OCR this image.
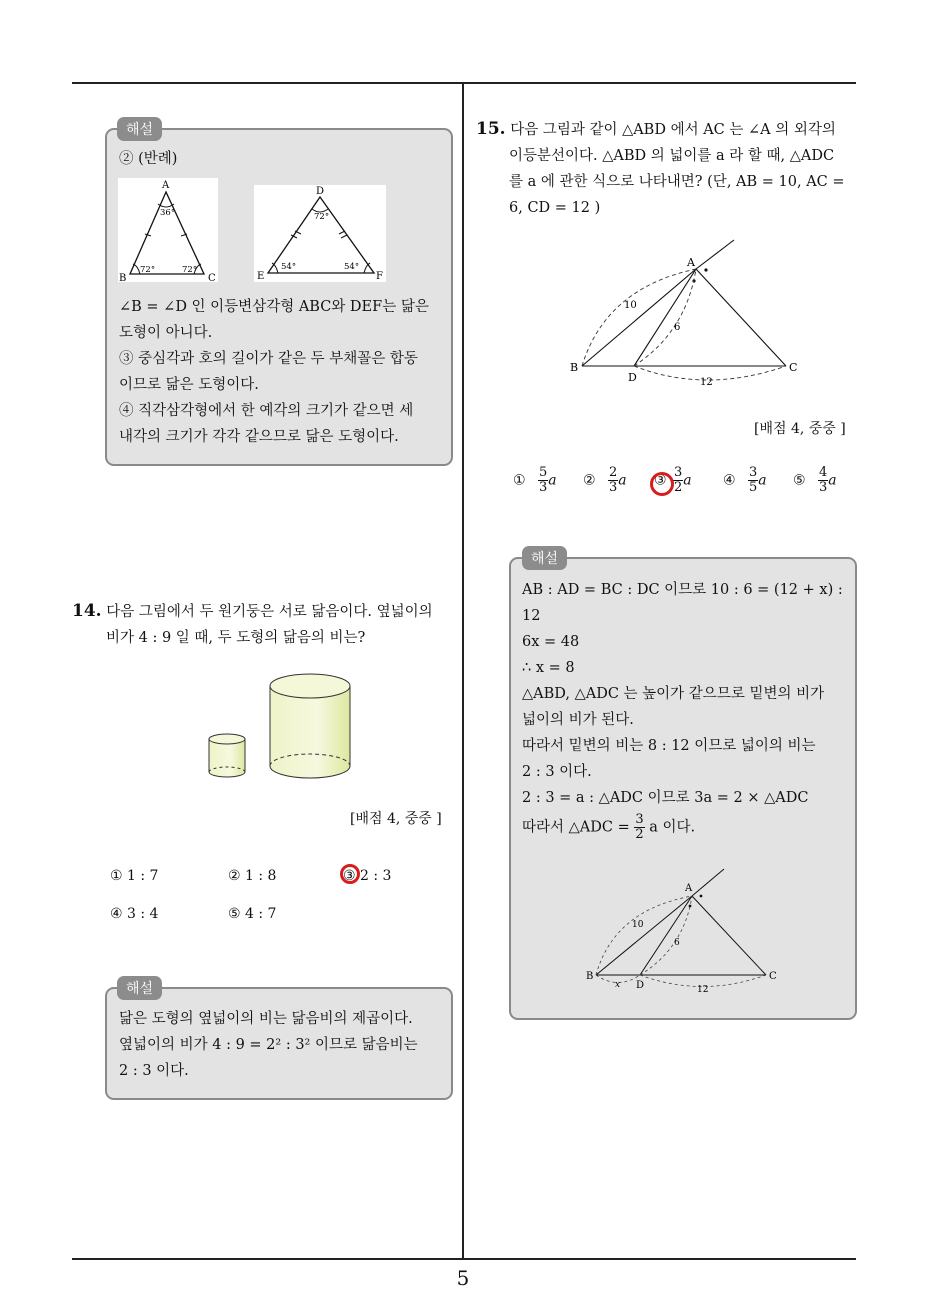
5
해설
② (반례)
A
B	C
36°
72°	72°
D
E	F
72°
54°	54°
∠B = ∠D 인 이등변삼각형 ABC와 DEF는 닮은
도형이 아니다.
③ 중심각과 호의 길이가 같은 두 부채꼴은 합동
이므로 닮은 도형이다.
④ 직각삼각형에서 한 예각의 크기가 같으면 세
내각의 크기가 각각 같으므로 닮은 도형이다.
14. 다음 그림에서 두 원기둥은 서로 닮음이다. 옆넓이의
비가 4 : 9 일 때, 두 도형의 닮음의 비는?
[배점 4, 중중 ]
① 1 : 7	② 1 : 8	③ 2 : 3
④ 3 : 4	⑤ 4 : 7
해설
닮은 도형의 옆넓이의 비는 닮음비의 제곱이다.
옆넓이의 비가 4 : 9 = 2² : 3² 이므로 닮음비는
2 : 3 이다.
15. 다음 그림과 같이 △ABD 에서 AC 는 ∠A 의 외각의
이등분선이다. △ABD 의 넓이를 a 라 할 때, △ADC
를 a 에 관한 식으로 나타내면? (단, AB = 10, AC =
6, CD = 12 )
A
B	C
D
10
6
12
[배점 4, 중중 ]
① $\frac{5}{3}$ a ② $\frac{2}{3}$ a ③ $\frac{3}{2}$ a ④ $\frac{3}{5}$ a ⑤ $\frac{4}{3}$ a
해설
AB : AD = BC : DC 이므로 10 : 6 = (12 + x) :
12
6x = 48
∴ x = 8
△ABD, △ADC 는 높이가 같으므로 밑변의 비가
넓이의 비가 된다.
따라서 밑변의 비는 8 : 12 이므로 넓이의 비는
2 : 3 이다.
2 : 3 = a : △ADC 이므로 3a = 2 × △ADC
따라서 △ADC = $\frac{3}{2}$ a 이다.
A
B	C
D
10
6
12
x
